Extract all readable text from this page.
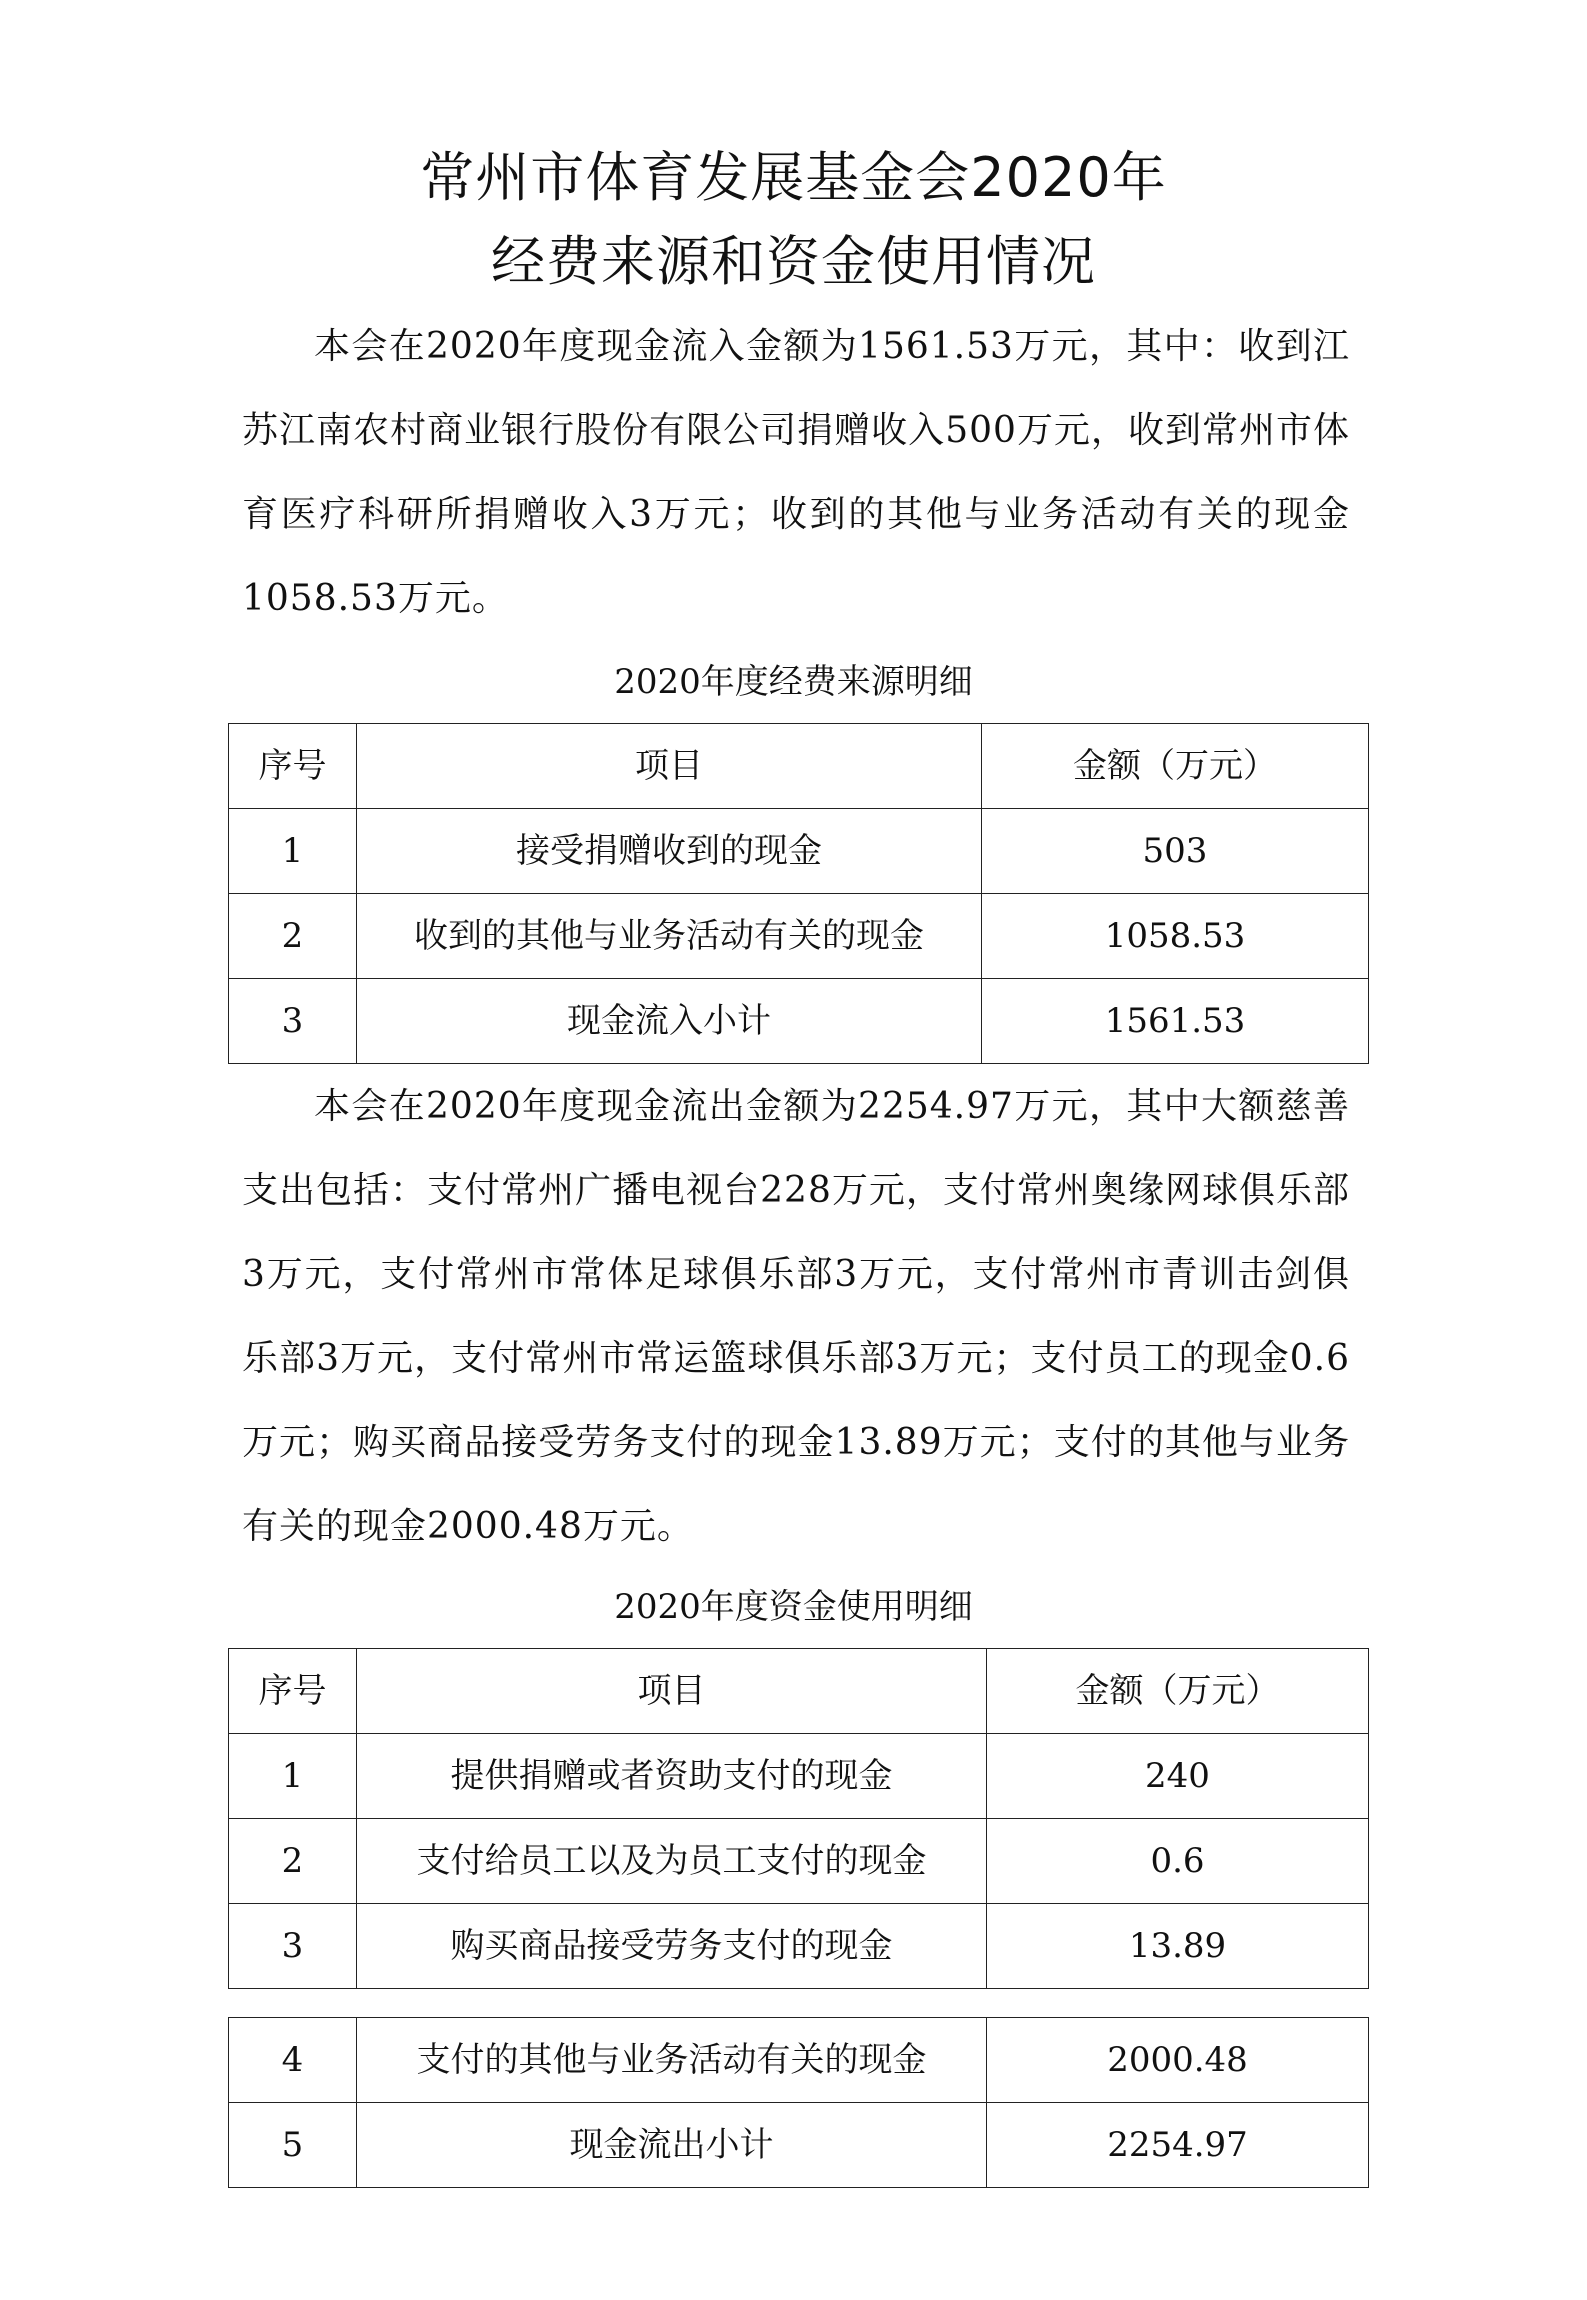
常州市体育发展基金会2020年
经费来源和资金使用情况

本会在2020年度现金流入金额为1561.53万元，其中：收到江苏江南农村商业银行股份有限公司捐赠收入500万元，收到常州市体育医疗科研所捐赠收入3万元；收到的其他与业务活动有关的现金1058.53万元。

2020年度经费来源明细
序号	项目	金额（万元）
1	接受捐赠收到的现金	503
2	收到的其他与业务活动有关的现金	1058.53
3	现金流入小计	1561.53

本会在2020年度现金流出金额为2254.97万元，其中大额慈善支出包括：支付常州广播电视台228万元，支付常州奥缘网球俱乐部3万元，支付常州市常体足球俱乐部3万元，支付常州市青训击剑俱乐部3万元，支付常州市常运篮球俱乐部3万元；支付员工的现金0.6万元；购买商品接受劳务支付的现金13.89万元；支付的其他与业务有关的现金2000.48万元。

2020年度资金使用明细
序号	项目	金额（万元）
1	提供捐赠或者资助支付的现金	240
2	支付给员工以及为员工支付的现金	0.6
3	购买商品接受劳务支付的现金	13.89
4	支付的其他与业务活动有关的现金	2000.48
5	现金流出小计	2254.97
